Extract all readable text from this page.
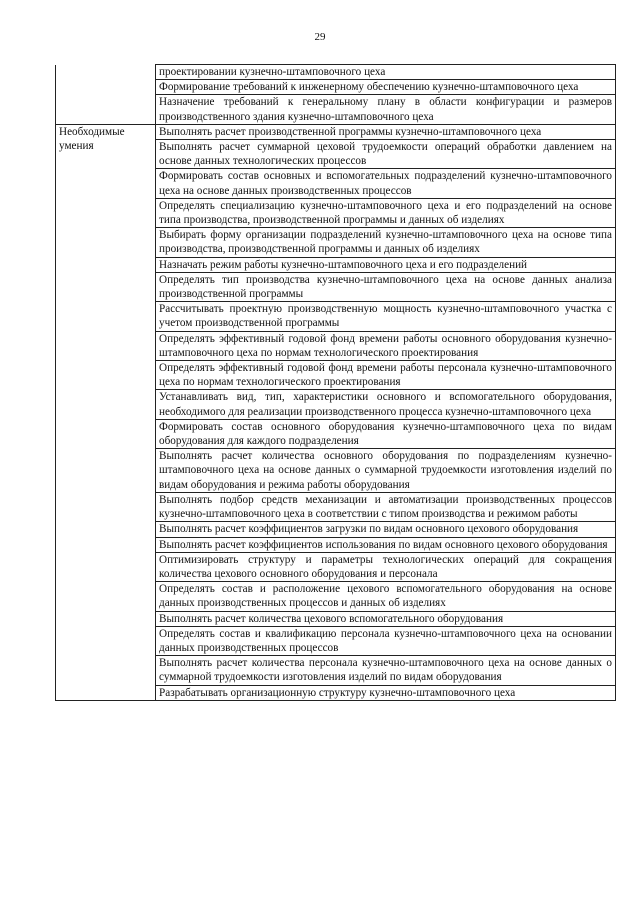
29
	проектировании кузнечно-штамповочного цеха
	Формирование требований к инженерному обеспечению кузнечно-штамповочного цеха
	Назначение требований к генеральному плану в области конфигурации и размеров производственного здания кузнечно-штамповочного цеха
Необходимые умения	Выполнять расчет производственной программы кузнечно-штамповочного цеха
	Выполнять расчет суммарной цеховой трудоемкости операций обработки давлением на основе данных технологических процессов
	Формировать состав основных и вспомогательных подразделений кузнечно-штамповочного цеха на основе данных производственных процессов
	Определять специализацию кузнечно-штамповочного цеха и его подразделений на основе типа производства, производственной программы и данных об изделиях
	Выбирать форму организации подразделений кузнечно-штамповочного цеха на основе типа производства, производственной программы и данных об изделиях
	Назначать режим работы кузнечно-штамповочного цеха и его подразделений
	Определять тип производства кузнечно-штамповочного цеха на основе данных анализа производственной программы
	Рассчитывать проектную производственную мощность кузнечно-штамповочного участка с учетом производственной программы
	Определять эффективный годовой фонд времени работы основного оборудования кузнечно-штамповочного цеха по нормам технологического проектирования
	Определять эффективный годовой фонд времени работы персонала кузнечно-штамповочного цеха по нормам технологического проектирования
	Устанавливать вид, тип, характеристики основного и вспомогательного оборудования, необходимого для реализации производственного процесса кузнечно-штамповочного цеха
	Формировать состав основного оборудования кузнечно-штамповочного цеха по видам оборудования для каждого подразделения
	Выполнять расчет количества основного оборудования по подразделениям кузнечно-штамповочного цеха на основе данных о суммарной трудоемкости изготовления изделий по видам оборудования и режима работы оборудования
	Выполнять подбор средств механизации и автоматизации производственных процессов кузнечно-штамповочного цеха в соответствии с типом производства и режимом работы
	Выполнять расчет коэффициентов загрузки по видам основного цехового оборудования
	Выполнять расчет коэффициентов использования по видам основного цехового оборудования
	Оптимизировать структуру и параметры технологических операций для сокращения количества цехового основного оборудования и персонала
	Определять состав и расположение цехового вспомогательного оборудования на основе данных производственных процессов и данных об изделиях
	Выполнять расчет количества цехового вспомогательного оборудования
	Определять состав и квалификацию персонала кузнечно-штамповочного цеха на основании данных производственных процессов
	Выполнять расчет количества персонала кузнечно-штамповочного цеха на основе данных о суммарной трудоемкости изготовления изделий по видам оборудования
	Разрабатывать организационную структуру кузнечно-штамповочного цеха
